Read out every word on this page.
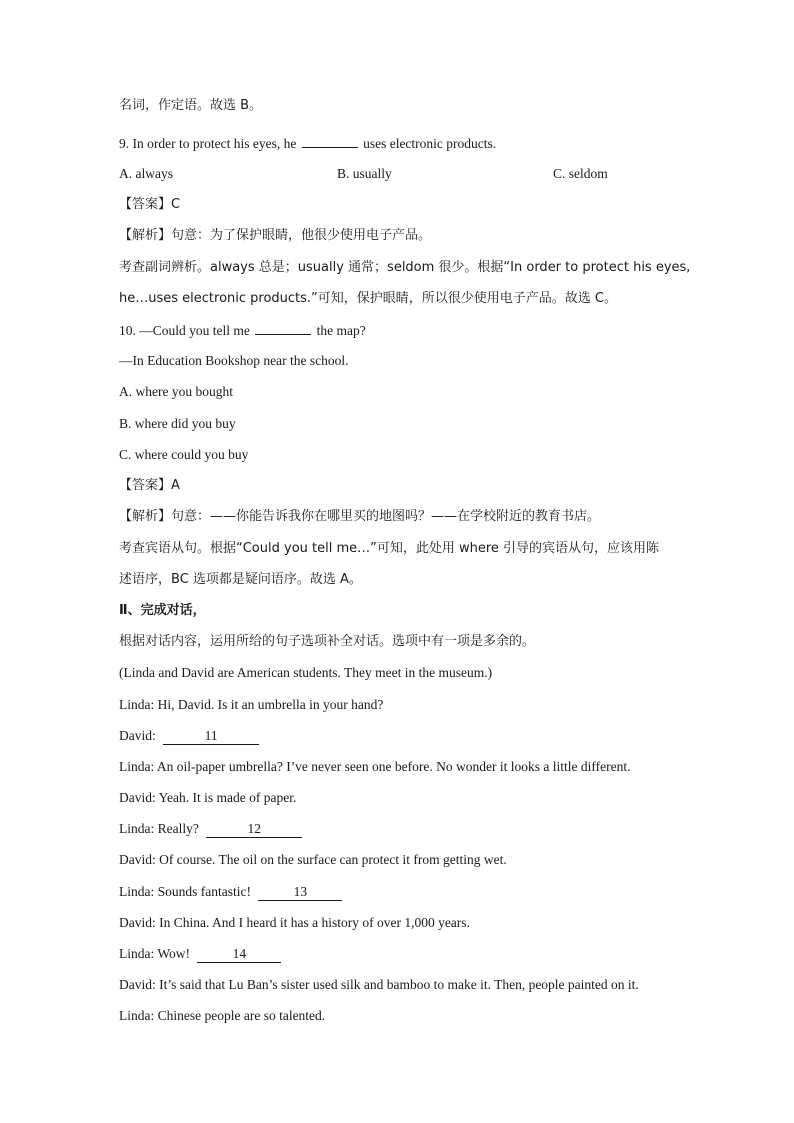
名词，作定语。故选 B。
9. In order to protect his eyes, he	uses electronic products.
A. always	B. usually	C. seldom
【答案】C
【解析】句意：为了保护眼睛，他很少使用电子产品。
考查副词辨析。always 总是；usually 通常；seldom 很少。根据“In order to protect his eyes,
he…uses electronic products.”可知，保护眼睛，所以很少使用电子产品。故选 C。
10. —Could you tell me	the map?
—In Education Bookshop near the school.
A. where you bought
B. where did you buy
C. where could you buy
【答案】A
【解析】句意：——你能告诉我你在哪里买的地图吗？——在学校附近的教育书店。
考查宾语从句。根据“Could you tell me…”可知，此处用 where 引导的宾语从句，应该用陈
述语序，BC 选项都是疑问语序。故选 A。
Ⅱ、完成对话，
根据对话内容，运用所给的句子选项补全对话。选项中有一项是多余的。
(Linda and David are American students. They meet in the museum.)
Linda: Hi, David. Is it an umbrella in your hand?
David:	11
Linda: An oil-paper umbrella? I’ve never seen one before. No wonder it looks a little different.
David: Yeah. It is made of paper.
Linda: Really?	12
David: Of course. The oil on the surface can protect it from getting wet.
Linda: Sounds fantastic!	13
David: In China. And I heard it has a history of over 1,000 years.
Linda: Wow!	14
David: It’s said that Lu Ban’s sister used silk and bamboo to make it. Then, people painted on it.
Linda: Chinese people are so talented.
